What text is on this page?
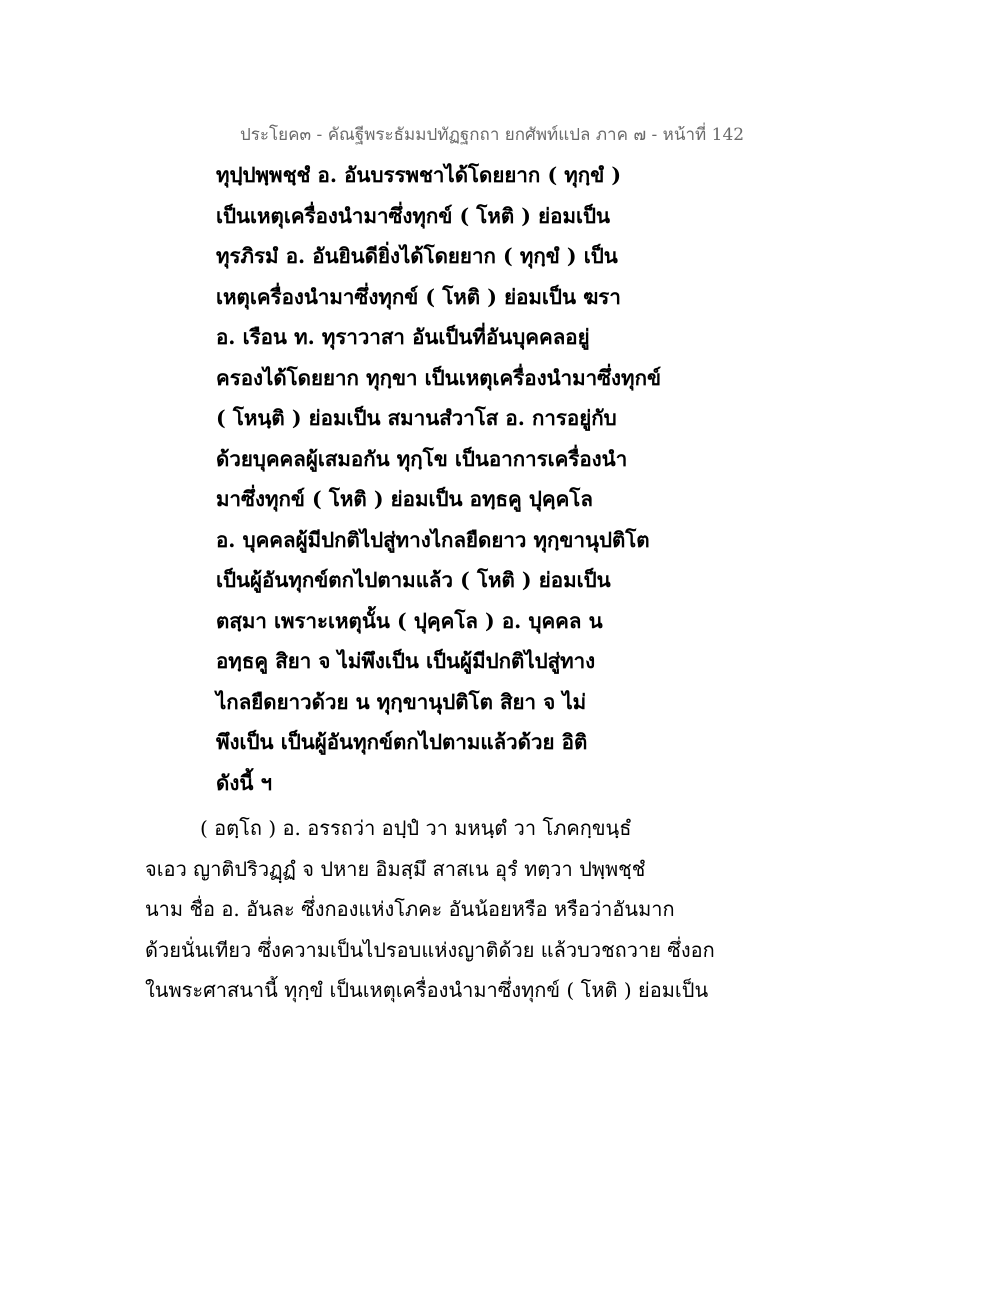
ประโยค๓ - คัณฐีพระธัมมปทัฏฐกถา ยกศัพท์แปล ภาค ๗ - หน้าที่ 142
ทุปฺปพฺพชฺชํ อ. อันบรรพชาได้โดยยาก ( ทุกฺขํ )
เป็นเหตุเครื่องนำมาซึ่งทุกข์ ( โหติ ) ย่อมเป็น
ทุรภิรมํ อ. อันยินดียิ่งได้โดยยาก ( ทุกฺขํ ) เป็น
เหตุเครื่องนำมาซึ่งทุกข์ ( โหติ ) ย่อมเป็น ฆรา
อ. เรือน ท. ทุราวาสา อันเป็นที่อันบุคคลอยู่
ครองได้โดยยาก ทุกฺขา เป็นเหตุเครื่องนำมาซึ่งทุกข์
( โหนฺติ ) ย่อมเป็น สมานสํวาโส อ. การอยู่กับ
ด้วยบุคคลผู้เสมอกัน ทุกฺโข เป็นอาการเครื่องนำ
มาซึ่งทุกข์ ( โหติ ) ย่อมเป็น อทฺธคู ปุคฺคโล
อ. บุคคลผู้มีปกติไปสู่ทางไกลยืดยาว ทุกฺขานุปติโต
เป็นผู้อันทุกข์ตกไปตามแล้ว ( โหติ ) ย่อมเป็น
ตสฺมา เพราะเหตุนั้น ( ปุคฺคโล ) อ. บุคคล น
อทฺธคู สิยา จ ไม่พึงเป็น เป็นผู้มีปกติไปสู่ทาง
ไกลยืดยาวด้วย น ทุกฺขานุปติโต สิยา จ ไม่
พึงเป็น เป็นผู้อันทุกข์ตกไปตามแล้วด้วย อิติ
ดังนี้ ฯ
( อตฺโถ ) อ. อรรถว่า อปฺปํ วา มหนฺตํ วา โภคกฺขนฺธํ
จเอว ญาติปริวฏฺฏํ จ ปหาย อิมสฺมึ สาสเน อุรํ ทตฺวา ปพฺพชฺชํ
นาม ชื่อ อ. อันละ ซึ่งกองแห่งโภคะ อันน้อยหรือ หรือว่าอันมาก
ด้วยนั่นเทียว ซึ่งความเป็นไปรอบแห่งญาติด้วย แล้วบวชถวาย ซึ่งอก
ในพระศาสนานี้ ทุกฺขํ เป็นเหตุเครื่องนำมาซึ่งทุกข์ ( โหติ ) ย่อมเป็น
